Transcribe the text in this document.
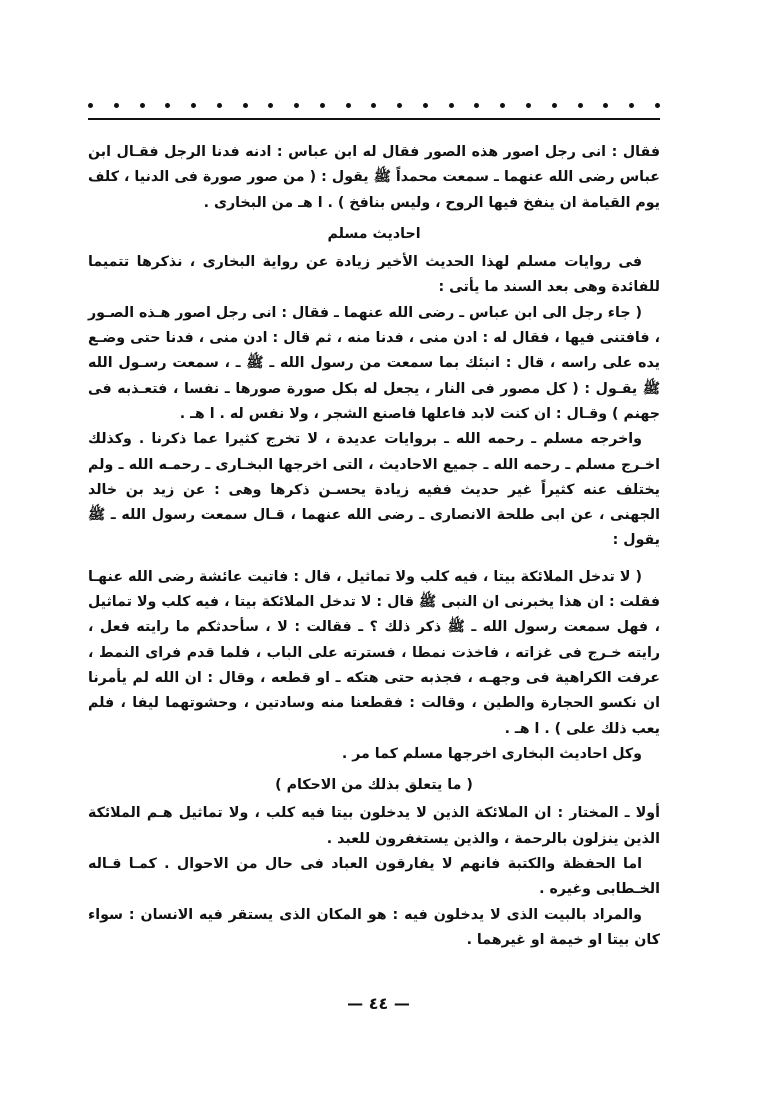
فقال : انى رجل اصور هذه الصور فقال له ابن عباس : ادنه فدنا الرجل فقـال ابن عباس رضى الله عنهما ـ سمعت محمداً ﷺ يقول : ( من صور صورة فى الدنيا ، كلف يوم القيامة ان ينفخ فيها الروح ، وليس بنافخ ) . ا هـ من البخارى .

احاديث مسلم

فى روايات مسلم لهذا الحديث الأخير زيادة عن رواية البخارى ، نذكرها تتميما للفائدة وهى بعد السند ما يأتى :

( جاء رجل الى ابن عباس ـ رضى الله عنهما ـ فقال : انى رجل اصور هـذه الصـور ، فافتنى فيها ، فقال له : ادن منى ، فدنا منه ، ثم قال : ادن منى ، فدنا حتى وضـع يده على راسه ، قال : انبئك بما سمعت من رسول الله ـ ﷺ ـ ، سمعت رسـول الله ﷺ يقـول : ( كل مصور فى النار ، يجعل له بكل صورة صورها ـ نفسا ، فتعـذبه فى جهنم ) وقـال : ان كنت لابد فاعلها فاصنع الشجر ، ولا نفس له . ا هـ .

واخرجه مسلم ـ رحمه الله ـ بروايات عديدة ، لا تخرج كثيرا عما ذكرنا . وكذلك اخـرج مسلم ـ رحمه الله ـ جميع الاحاديث ، التى اخرجها البخـارى ـ رحمـه الله ـ ولم يختلف عنه كثيراً غير حديث ففيه زيادة يحسـن ذكرها وهى : عن زيد بن خالد الجهنى ، عن ابى طلحة الانصارى ـ رضى الله عنهما ، قـال سمعت رسول الله ـ ﷺ يقول :

( لا تدخل الملائكة بيتا ، فيه كلب ولا تماثيل ، قال : فاتيت عائشة رضى الله عنهـا فقلت : ان هذا يخبرنى ان النبى ﷺ قال : لا تدخل الملائكة بيتا ، فيه كلب ولا تماثيل ، فهل سمعت رسول الله ـ ﷺ ذكر ذلك ؟ ـ فقالت : لا ، سأحدثكم ما رايته فعل ، رايته خـرج فى غزاته ، فاخذت نمطا ، فسترته على الباب ، فلما قدم فراى النمط ، عرفت الكراهية فى وجهـه ، فجذبه حتى هتكه ـ او قطعه ، وقال : ان الله لم يأمرنا ان نكسو الحجارة والطين ، وقالت : فقطعنا منه وسادتين ، وحشوتهما ليفا ، فلم يعب ذلك على ) . ا هـ .

وكل احاديث البخارى اخرجها مسلم كما مر .

( ما يتعلق بذلك من الاحكام )

أولا ـ المختار : ان الملائكة الذين لا يدخلون بيتا فيه كلب ، ولا تماثيل هـم الملائكة الذين ينزلون بالرحمة ، والذين يستغفرون للعبد .

اما الحفظة والكتبة فانهم لا يفارقون العباد فى حال من الاحوال . كمـا قـاله الخـطابى وغيره .

والمراد بالبيت الذى لا يدخلون فيه : هو المكان الذى يستقر فيه الانسان : سواء كان بيتا او خيمة او غيرهما .

— ٤٤ —
